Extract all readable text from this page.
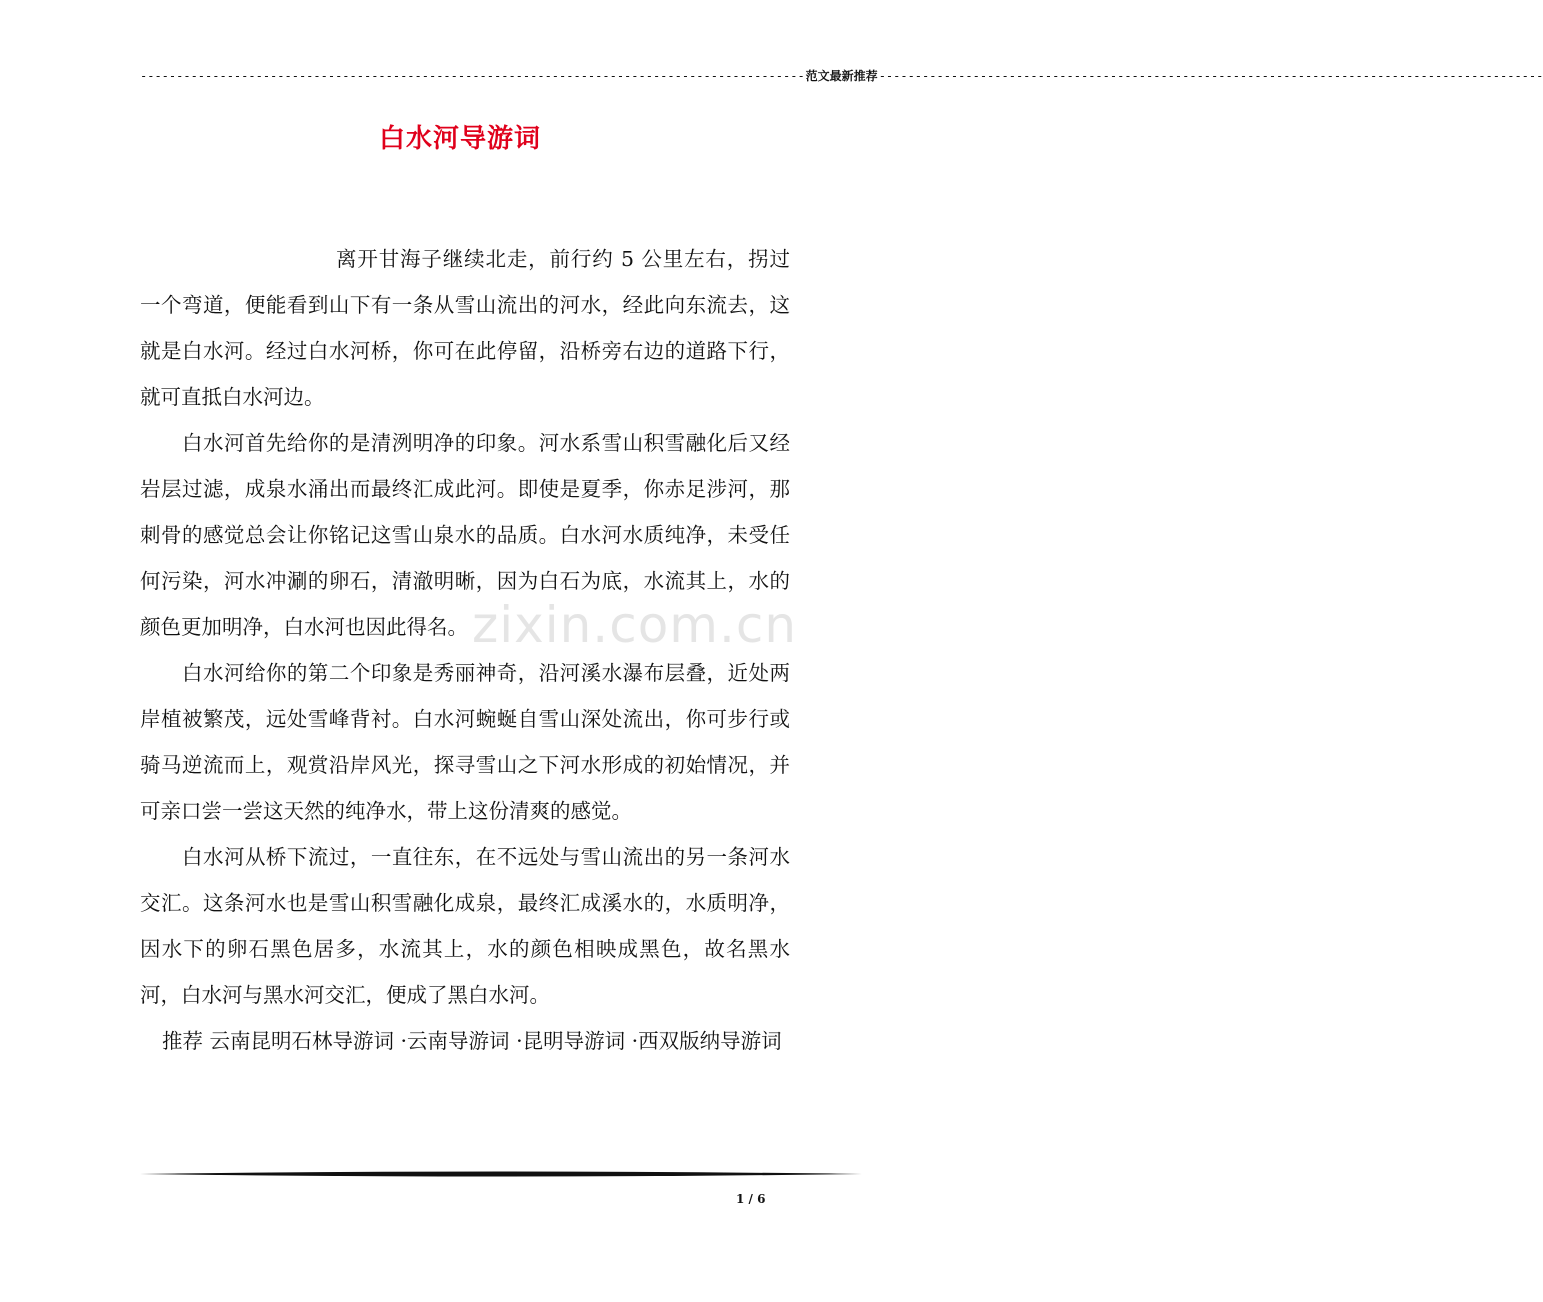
-------------------------------------------------------------------------------------------- 范文最新推荐 --------------------------------------------------------------------------------------------
白水河导游词
zixin.com.cn

离开甘海子继续北走，前行约 5 公里左右，拐过一个弯道，便能看到山下有一条从雪山流出的河水，经此向东流去，这就是白水河。经过白水河桥，你可在此停留，沿桥旁右边的道路下行，就可直抵白水河边。

白水河首先给你的是清洌明净的印象。河水系雪山积雪融化后又经岩层过滤，成泉水涌出而最终汇成此河。即使是夏季，你赤足涉河，那刺骨的感觉总会让你铭记这雪山泉水的品质。白水河水质纯净，未受任何污染，河水冲涮的卵石，清澈明晰，因为白石为底，水流其上，水的颜色更加明净，白水河也因此得名。

白水河给你的第二个印象是秀丽神奇，沿河溪水瀑布层叠，近处两岸植被繁茂，远处雪峰背衬。白水河蜿蜒自雪山深处流出，你可步行或骑马逆流而上，观赏沿岸风光，探寻雪山之下河水形成的初始情况，并可亲口尝一尝这天然的纯净水，带上这份清爽的感觉。

白水河从桥下流过，一直往东，在不远处与雪山流出的另一条河水交汇。这条河水也是雪山积雪融化成泉，最终汇成溪水的，水质明净，因水下的卵石黑色居多，水流其上，水的颜色相映成黑色，故名黑水河，白水河与黑水河交汇，便成了黑白水河。

推荐 云南昆明石林导游词 ·云南导游词 ·昆明导游词 ·西双版纳导游词

1 / 6
